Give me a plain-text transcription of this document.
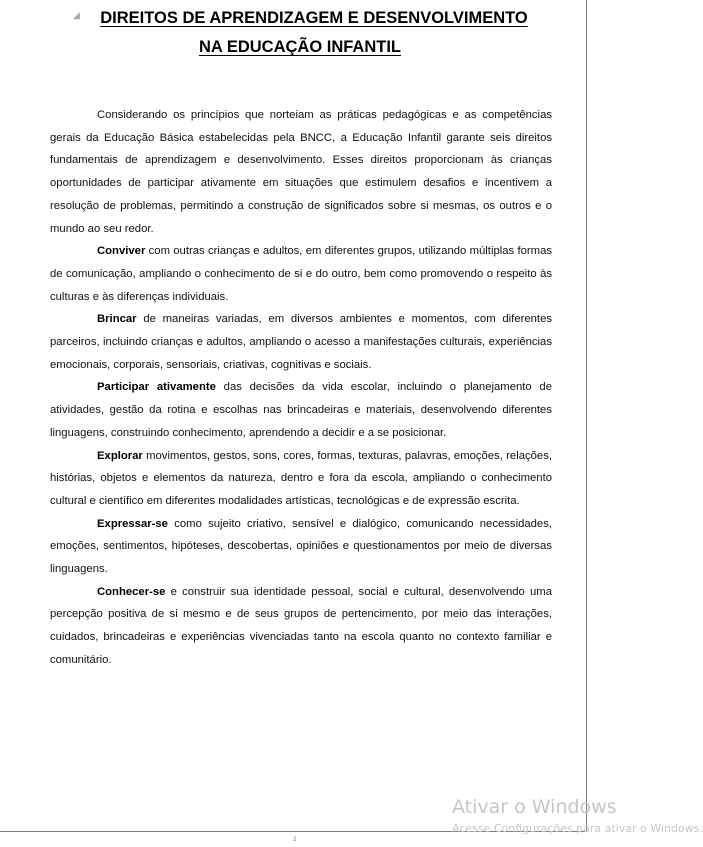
◢	DIREITOS DE APRENDIZAGEM E DESENVOLVIMENTO
NA EDUCAÇÃO INFANTIL

Considerando os princípios que norteiam as práticas pedagógicas e as competências gerais da Educação Básica estabelecidas pela BNCC, a Educação Infantil garante seis direitos fundamentais de aprendizagem e desenvolvimento. Esses direitos proporcionam às crianças oportunidades de participar ativamente em situações que estimulem desafios e incentivem a resolução de problemas, permitindo a construção de significados sobre si mesmas, os outros e o mundo ao seu redor.

Conviver com outras crianças e adultos, em diferentes grupos, utilizando múltiplas formas de comunicação, ampliando o conhecimento de si e do outro, bem como promovendo o respeito às culturas e às diferenças individuais.

Brincar de maneiras variadas, em diversos ambientes e momentos, com diferentes parceiros, incluindo crianças e adultos, ampliando o acesso a manifestações culturais, experiências emocionais, corporais, sensoriais, criativas, cognitivas e sociais.

Participar ativamente das decisões da vida escolar, incluindo o planejamento de atividades, gestão da rotina e escolhas nas brincadeiras e materiais, desenvolvendo diferentes linguagens, construindo conhecimento, aprendendo a decidir e a se posicionar.

Explorar movimentos, gestos, sons, cores, formas, texturas, palavras, emoções, relações, histórias, objetos e elementos da natureza, dentro e fora da escola, ampliando o conhecimento cultural e científico em diferentes modalidades artísticas, tecnológicas e de expressão escrita.

Expressar-se como sujeito criativo, sensível e dialógico, comunicando necessidades, emoções, sentimentos, hipóteses, descobertas, opiniões e questionamentos por meio de diversas linguagens.

Conhecer-se e construir sua identidade pessoal, social e cultural, desenvolvendo uma percepção positiva de si mesmo e de seus grupos de pertencimento, por meio das interações, cuidados, brincadeiras e experiências vivenciadas tanto na escola quanto no contexto familiar e comunitário.

2
Ativar o Windows
Acesse Configurações para ativar o Windows.
